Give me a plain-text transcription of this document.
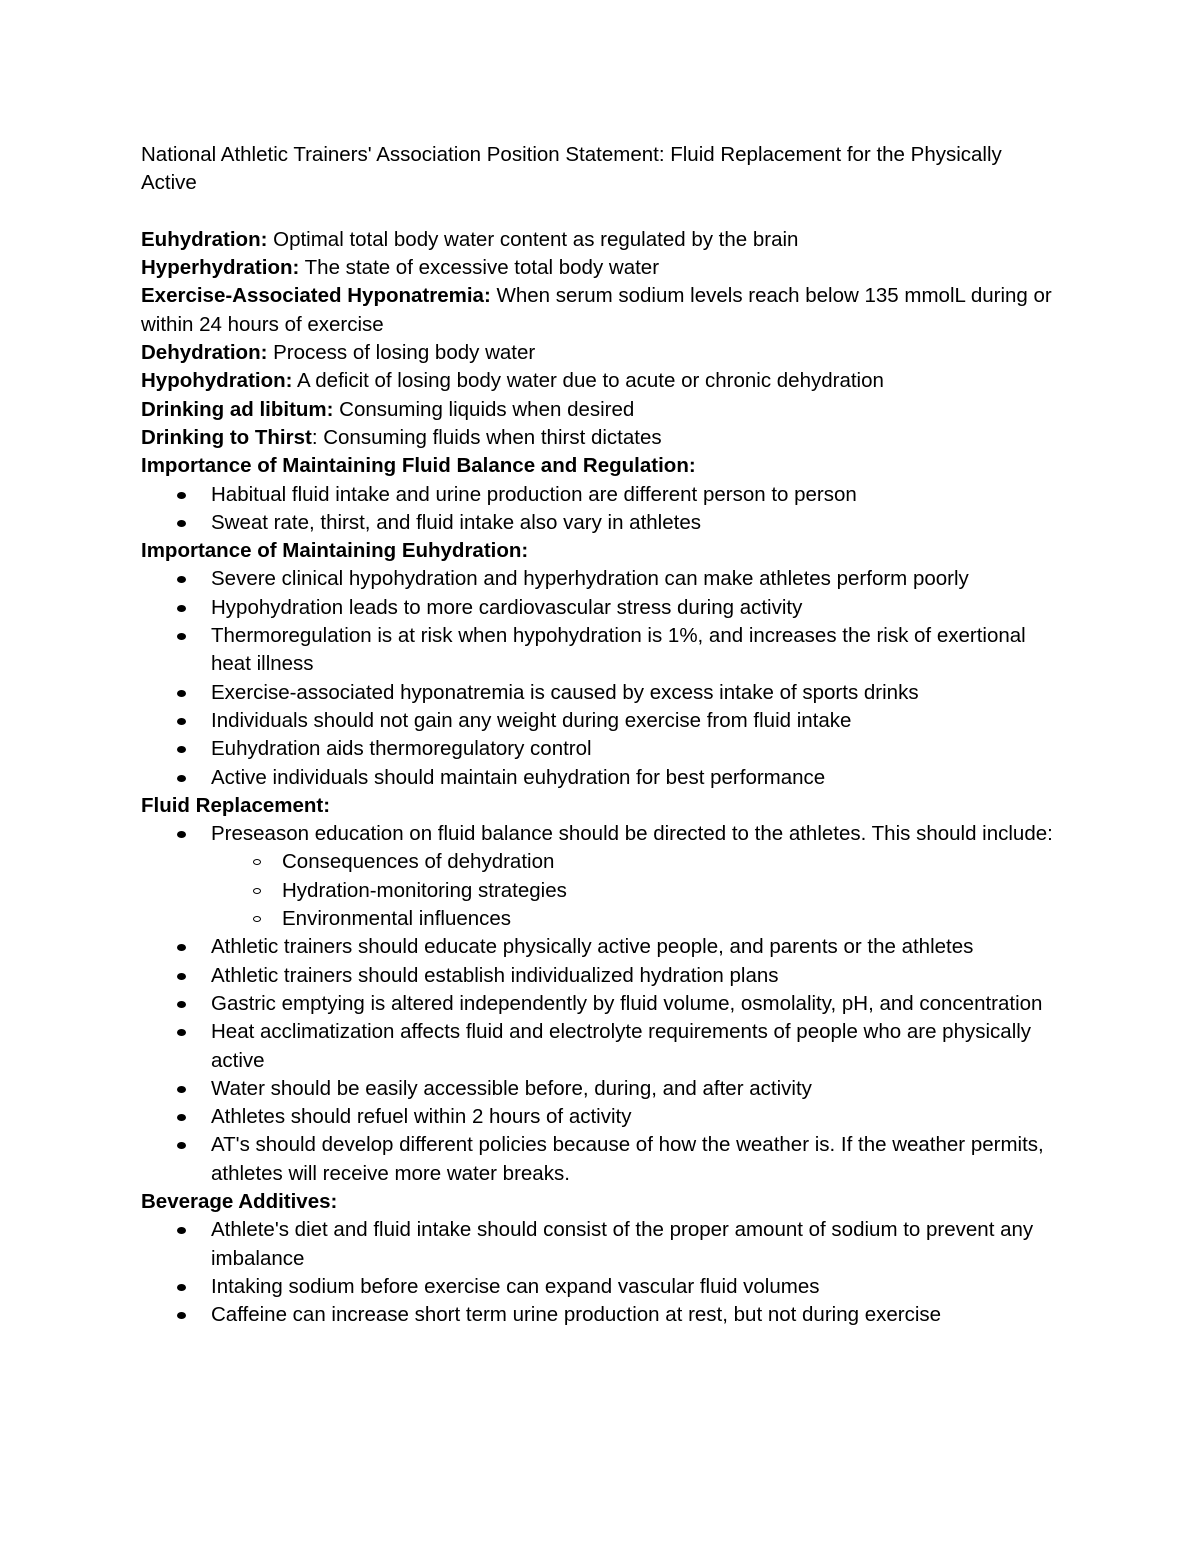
National Athletic Trainers' Association Position Statement: Fluid Replacement for the Physically Active
Euhydration: Optimal total body water content as regulated by the brain
Hyperhydration: The state of excessive total body water
Exercise-Associated Hyponatremia: When serum sodium levels reach below 135 mmolL during or within 24 hours of exercise
Dehydration: Process of losing body water
Hypohydration: A deficit of losing body water due to acute or chronic dehydration
Drinking ad libitum: Consuming liquids when desired
Drinking to Thirst: Consuming fluids when thirst dictates
Importance of Maintaining Fluid Balance and Regulation:
Habitual fluid intake and urine production are different person to person
Sweat rate, thirst, and fluid intake also vary in athletes
Importance of Maintaining Euhydration:
Severe clinical hypohydration and hyperhydration can make athletes perform poorly
Hypohydration leads to more cardiovascular stress during activity
Thermoregulation is at risk when hypohydration is 1%, and increases the risk of exertional heat illness
Exercise-associated hyponatremia is caused by excess intake of sports drinks
Individuals should not gain any weight during exercise from fluid intake
Euhydration aids thermoregulatory control
Active individuals should maintain euhydration for best performance
Fluid Replacement:
Preseason education on fluid balance should be directed to the athletes. This should include:
Consequences of dehydration
Hydration-monitoring strategies
Environmental influences
Athletic trainers should educate physically active people, and parents or the athletes
Athletic trainers should establish individualized hydration plans
Gastric emptying is altered independently by fluid volume, osmolality, pH, and concentration
Heat acclimatization affects fluid and electrolyte requirements of people who are physically active
Water should be easily accessible before, during, and after activity
Athletes should refuel within 2 hours of activity
AT's should develop different policies because of how the weather is. If the weather permits, athletes will receive more water breaks.
Beverage Additives:
Athlete's diet and fluid intake should consist of the proper amount of sodium to prevent any imbalance
Intaking sodium before exercise can expand vascular fluid volumes
Caffeine can increase short term urine production at rest, but not during exercise
